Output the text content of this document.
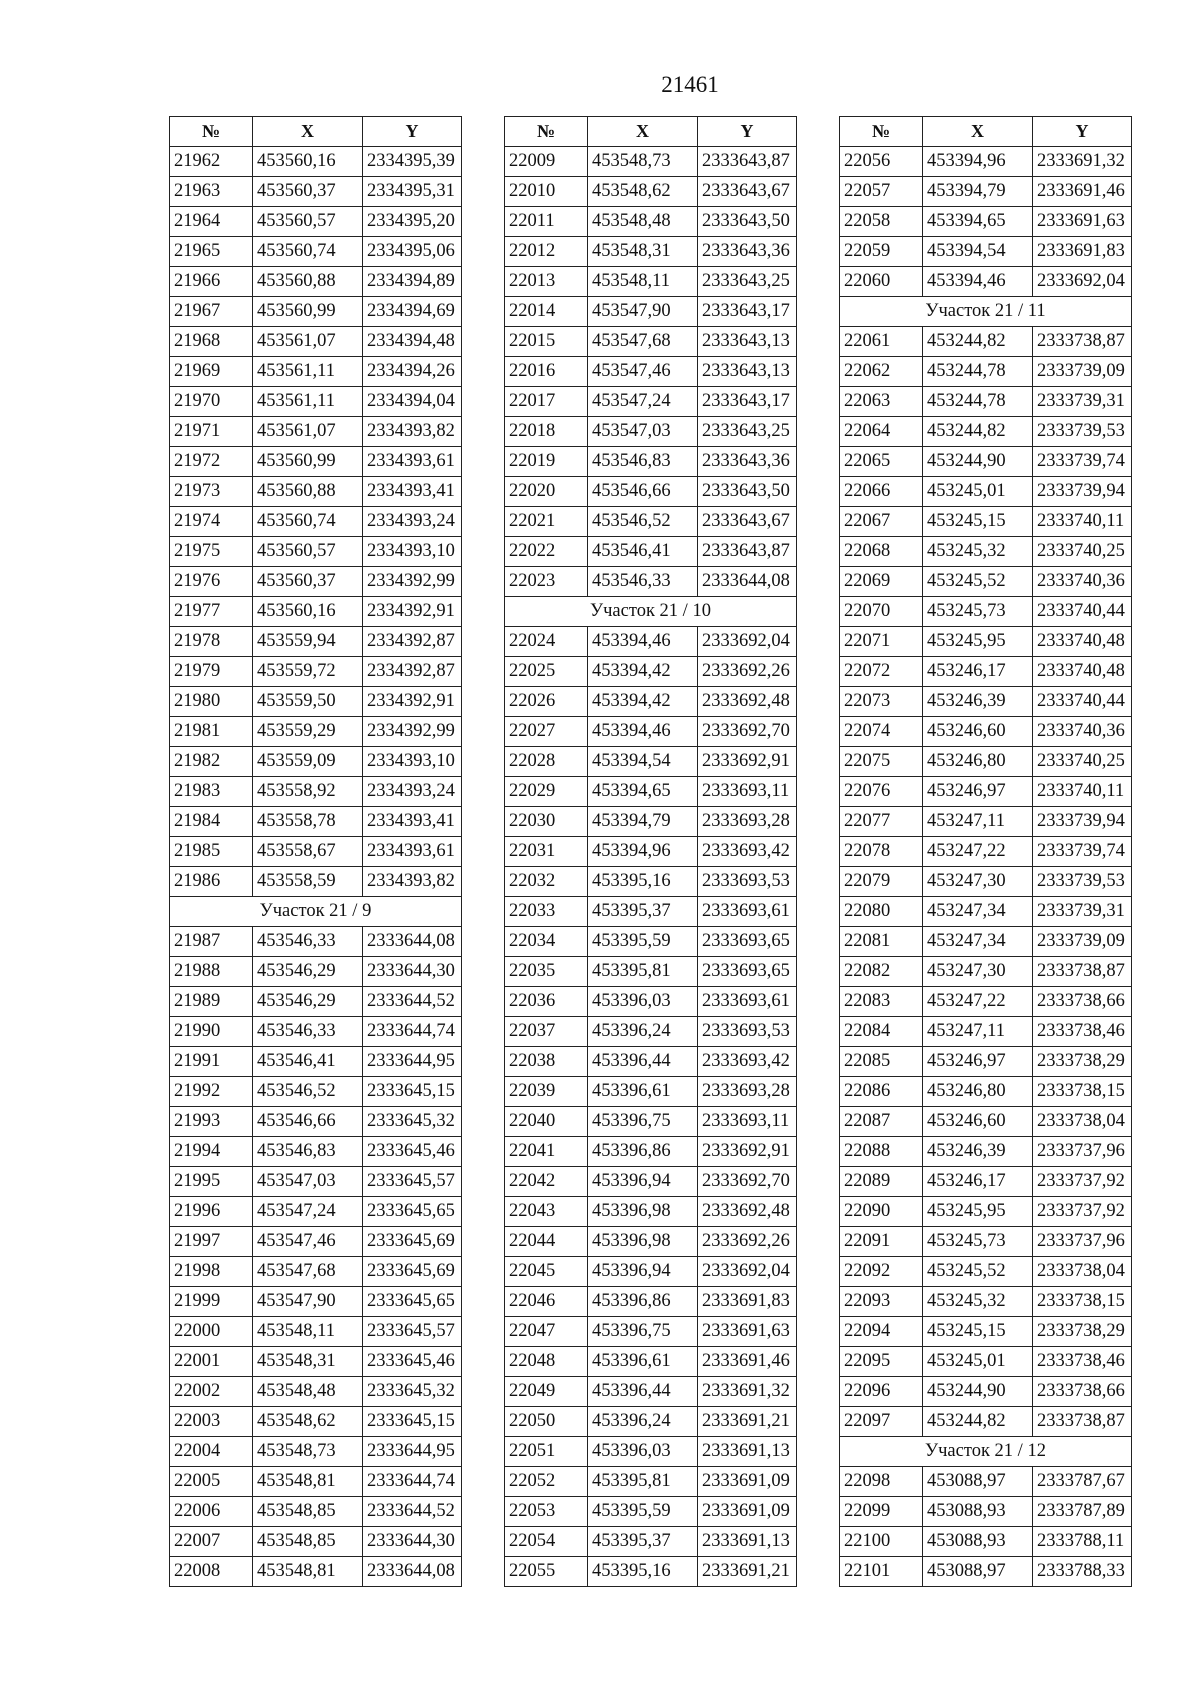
21461
№	X	Y
21962	453560,16	2334395,39
21963	453560,37	2334395,31
21964	453560,57	2334395,20
21965	453560,74	2334395,06
21966	453560,88	2334394,89
21967	453560,99	2334394,69
21968	453561,07	2334394,48
21969	453561,11	2334394,26
21970	453561,11	2334394,04
21971	453561,07	2334393,82
21972	453560,99	2334393,61
21973	453560,88	2334393,41
21974	453560,74	2334393,24
21975	453560,57	2334393,10
21976	453560,37	2334392,99
21977	453560,16	2334392,91
21978	453559,94	2334392,87
21979	453559,72	2334392,87
21980	453559,50	2334392,91
21981	453559,29	2334392,99
21982	453559,09	2334393,10
21983	453558,92	2334393,24
21984	453558,78	2334393,41
21985	453558,67	2334393,61
21986	453558,59	2334393,82
Участок 21 / 9		
21987	453546,33	2333644,08
21988	453546,29	2333644,30
21989	453546,29	2333644,52
21990	453546,33	2333644,74
21991	453546,41	2333644,95
21992	453546,52	2333645,15
21993	453546,66	2333645,32
21994	453546,83	2333645,46
21995	453547,03	2333645,57
21996	453547,24	2333645,65
21997	453547,46	2333645,69
21998	453547,68	2333645,69
21999	453547,90	2333645,65
22000	453548,11	2333645,57
22001	453548,31	2333645,46
22002	453548,48	2333645,32
22003	453548,62	2333645,15
22004	453548,73	2333644,95
22005	453548,81	2333644,74
22006	453548,85	2333644,52
22007	453548,85	2333644,30
22008	453548,81	2333644,08
№	X	Y
22009	453548,73	2333643,87
22010	453548,62	2333643,67
22011	453548,48	2333643,50
22012	453548,31	2333643,36
22013	453548,11	2333643,25
22014	453547,90	2333643,17
22015	453547,68	2333643,13
22016	453547,46	2333643,13
22017	453547,24	2333643,17
22018	453547,03	2333643,25
22019	453546,83	2333643,36
22020	453546,66	2333643,50
22021	453546,52	2333643,67
22022	453546,41	2333643,87
22023	453546,33	2333644,08
Участок 21 / 10		
22024	453394,46	2333692,04
22025	453394,42	2333692,26
22026	453394,42	2333692,48
22027	453394,46	2333692,70
22028	453394,54	2333692,91
22029	453394,65	2333693,11
22030	453394,79	2333693,28
22031	453394,96	2333693,42
22032	453395,16	2333693,53
22033	453395,37	2333693,61
22034	453395,59	2333693,65
22035	453395,81	2333693,65
22036	453396,03	2333693,61
22037	453396,24	2333693,53
22038	453396,44	2333693,42
22039	453396,61	2333693,28
22040	453396,75	2333693,11
22041	453396,86	2333692,91
22042	453396,94	2333692,70
22043	453396,98	2333692,48
22044	453396,98	2333692,26
22045	453396,94	2333692,04
22046	453396,86	2333691,83
22047	453396,75	2333691,63
22048	453396,61	2333691,46
22049	453396,44	2333691,32
22050	453396,24	2333691,21
22051	453396,03	2333691,13
22052	453395,81	2333691,09
22053	453395,59	2333691,09
22054	453395,37	2333691,13
22055	453395,16	2333691,21
№	X	Y
22056	453394,96	2333691,32
22057	453394,79	2333691,46
22058	453394,65	2333691,63
22059	453394,54	2333691,83
22060	453394,46	2333692,04
Участок 21 / 11		
22061	453244,82	2333738,87
22062	453244,78	2333739,09
22063	453244,78	2333739,31
22064	453244,82	2333739,53
22065	453244,90	2333739,74
22066	453245,01	2333739,94
22067	453245,15	2333740,11
22068	453245,32	2333740,25
22069	453245,52	2333740,36
22070	453245,73	2333740,44
22071	453245,95	2333740,48
22072	453246,17	2333740,48
22073	453246,39	2333740,44
22074	453246,60	2333740,36
22075	453246,80	2333740,25
22076	453246,97	2333740,11
22077	453247,11	2333739,94
22078	453247,22	2333739,74
22079	453247,30	2333739,53
22080	453247,34	2333739,31
22081	453247,34	2333739,09
22082	453247,30	2333738,87
22083	453247,22	2333738,66
22084	453247,11	2333738,46
22085	453246,97	2333738,29
22086	453246,80	2333738,15
22087	453246,60	2333738,04
22088	453246,39	2333737,96
22089	453246,17	2333737,92
22090	453245,95	2333737,92
22091	453245,73	2333737,96
22092	453245,52	2333738,04
22093	453245,32	2333738,15
22094	453245,15	2333738,29
22095	453245,01	2333738,46
22096	453244,90	2333738,66
22097	453244,82	2333738,87
Участок 21 / 12		
22098	453088,97	2333787,67
22099	453088,93	2333787,89
22100	453088,93	2333788,11
22101	453088,97	2333788,33
